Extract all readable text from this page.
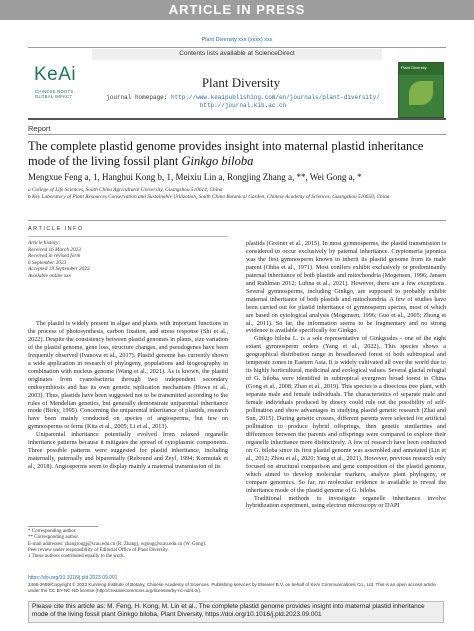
ARTICLE IN PRESS
Plant Diversity xxx (xxxx) xxx
Contents lists available at ScienceDirect
KeAi
CHINESE ROOTS
GLOBAL IMPACT
Plant Diversity
journal homepage: http://www.keaipublishing.com/en/journals/plant-diversity/
http://journal.kib.ac.cn
Plant Diversity
Report
The complete plastid genome provides insight into maternal plastid inheritance mode of the living fossil plant Ginkgo biloba
Mengxue Feng a, 1, Hanghui Kong b, 1, Meixiu Lin a, Rongjing Zhang a, **, Wei Gong a, *
a College of Life Sciences, South China Agricultural University, Guangzhou 510614, China
b Key Laboratory of Plant Resources Conservation and Sustainable Utilization, South China Botanical Garden, Chinese Academy of Sciences, Guangzhou 510650, China
ARTICLE INFO
Article history:
Received 16 March 2023
Received in revised form
6 September 2023
Accepted 19 September 2023
Available online xxx

The plastid is widely present in algae and plants with important functions in the process of photosynthesis, carbon fixation, and stress response (Shi et al., 2022). Despite the consistency between plastid genomes in plants, size variation of the plastid genome, gene loss, structure changes, and pseudogenes have been frequently observed (Ivanova et al., 2017). Plastid genome has currently shown a wide application in research of phylogeny, populations and biogeography in combination with nucleus genome (Wang et al., 2021). As is known, the plastid originates from cyanobacteria through two independent secondary endosymbiosis and has its own genetic replication mechanism (Howe et al., 2003). Thus, plastids have been suggested not to be transmitted according to the rules of Mendelian genetics, but generally demonstrate uniparental inheritance mode (Birky, 1995). Concerning the uniparental inheritance of plastids, research have been mainly conducted on species of angiosperms, but few on gymnosperms or ferns (Kita et al., 2005; Li et al., 2013).

Uniparental inheritance potentially evolved from relaxed organelle inheritance patterns because it mitigates the spread of cytoplasmic components. Three possible patterns were suggested for plastid inheritance, including maternally, paternally and biparentally (Rebound and Zeyl, 1994; Kormutak et al., 2018). Angiosperms seem to display mainly a maternal transmission of its

plastids (Greiner et al., 2015). In most gymnosperms, the plastid transmission is considered to occur exclusively by paternal inheritance. Cryptomeria japonica was the first gymnosperm known to inherit its plastid genome from its male parent (Ohba et al., 1971). Most conifers exhibit exclusively or predominantly paternal inheritance of both plastids and mitochondria (Mogensen, 1996; Jansen and Ruhlman 2012; Lubna et al., 2021). However, there are a few exceptions. Several gymnosperms, including Ginkgo, are supposed to probably exhibit maternal inheritance of both plastids and mitochondria. A few of studies have been carried out for plastid inheritance of gymnosperm species, most of which are based on cytological analysis (Mogensen, 1996; Guo et al., 2005; Zhong et al., 2011). So far, the information seems to be fragmentary and no strong evidence is available specifically for Ginkgo.

Ginkgo biloba L. is a sole representative of Ginkgoales - one of the eight extant gymnosperm orders (Yang et al., 2022). This species shows a geographical distribution range in broadleaved forest of both subtropical and temperate zones in Eastern Asia. It is widely cultivated all over the world due to its highly horticultural, medicinal and ecological values. Several glacial refugial of G. biloba were identified in subtropical evergreen broad forest in China (Gong et al., 2008; Zhao et al., 2019). This species is a dioecious tree plant, with separate male and female individuals. The characteristics of separate male and female individuals produced by dioecy could rule out the possibility of self-pollination and show advantages in studying plastid genetic research (Zhai and Sun, 2015). During genetic crosses, different parents were selected for artificial pollination to produce hybrid offsprings, then genetic similarities and differences between the parents and offsprings were compared to explore their organelle inheritance more distinctively. A few of research have been conducted on G. biloba since its first plastid genome was assembled and annotated (Lin et al., 2012; Zhou et al., 2020; Yang et al., 2021). However, previous research only focused on structural comparison and gene composition of the plastid genome, which aimed to develop molecular markers, analyze plant phylogeny, or compare genomics. So far, no molecular evidence is available to reveal the inheritance mode of the plastid genome of G. biloba.

Traditional methods to investigate organelle inheritance involve hybridization experiment, using electron microscopy or DAPI

* Corresponding author.
** Corresponding author.
E-mail addresses: zhangrongj@scau.edu.cn (R. Zhang), wgong@scau.edu.cn (W. Gong).
Peer review under responsibility of Editorial Office of Plant Diversity.
1 These authors contributed equally to the work.
https://doi.org/10.1016/j.pld.2023.09.001
2468-2659/Copyright © 2023 Kunming Institute of Botany, Chinese Academy of Sciences. Publishing services by Elsevier B.V. on behalf of KeAi Communications Co., Ltd. This is an open access article under the CC BY-NC-ND license (http://creativecommons.org/licenses/by-nc-nd/4.0/).
Please cite this article as: M. Feng, H. Kong, M. Lin et al., The complete plastid genome provides insight into maternal plastid inheritance mode of the living fossil plant Ginkgo biloba, Plant Diversity, https://doi.org/10.1016/j.pld.2023.09.001
